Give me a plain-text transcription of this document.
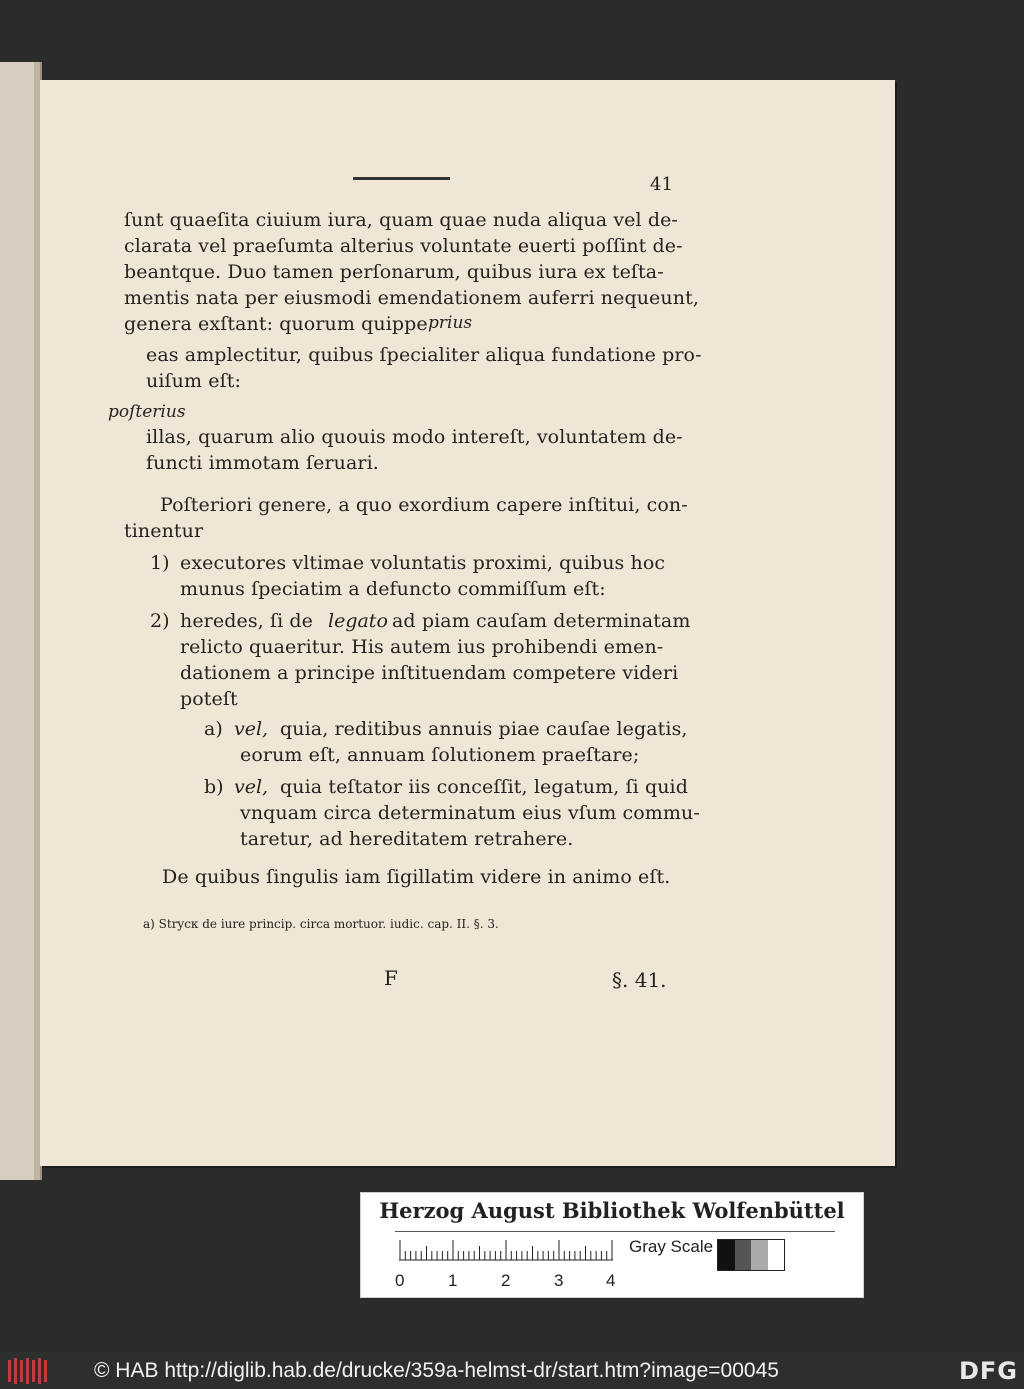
41
ſunt quaeſita ciuium iura, quam quae nuda aliqua vel de-
clarata vel praeſumta alterius voluntate euerti poſſint de-
beantque. Duo tamen perſonarum, quibus iura ex teſta-
mentis nata per eiusmodi emendationem auferri nequeunt,
genera exſtant: quorum quippe prius
eas amplectitur, quibus ſpecialiter aliqua fundatione pro-
uiſum eſt:
poſterius
illas, quarum alio quouis modo intereſt, voluntatem de-
functi immotam ſeruari.
Poſteriori genere, a quo exordium capere inſtitui, con-
tinentur
1) executores vltimae voluntatis proximi, quibus hoc
munus ſpeciatim a defuncto commiſſum eſt:
2) heredes, ſi de legato ad piam cauſam determinatam
relicto quaeritur. His autem ius prohibendi emen-
dationem a principe inſtituendam competere videri
poteſt
a) vel, quia, reditibus annuis piae cauſae legatis,
eorum eſt, annuam ſolutionem praeſtare;
b) vel, quia teſtator iis conceſſit, legatum, ſi quid
vnquam circa determinatum eius vſum commu-
taretur, ad hereditatem retrahere.
De quibus ſingulis iam ſigillatim videre in animo eſt.
a) Strycк de iure princip. circa mortuor. iudic. cap. II. §. 3.
F	§. 41.
Herzog August Bibliothek Wolfenbüttel
Gray Scale
0	1	2	3	4
© HAB http://diglib.hab.de/drucke/359a-helmst-dr/start.htm?image=00045	DFG
